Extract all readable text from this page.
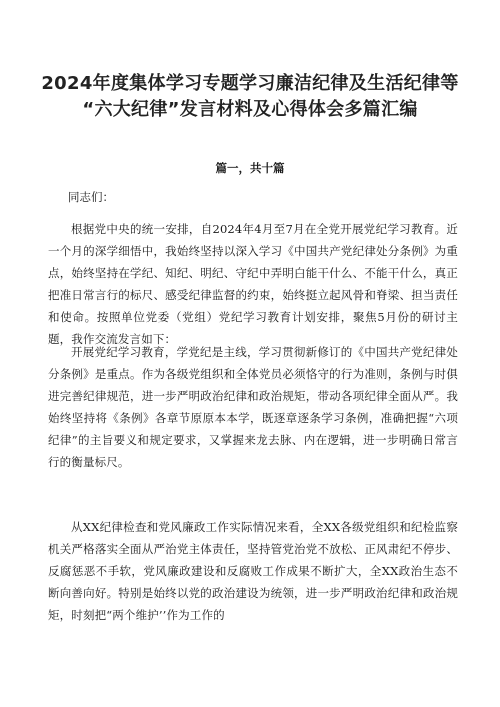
2024年度集体学习专题学习廉洁纪律及生活纪律等
“六大纪律”发言材料及心得体会多篇汇编

篇一，共十篇

同志们：

根据党中央的统一安排，自2024年4月至7月在全党开展党纪学习教育。近一个月的深学细悟中，我始终坚持以深入学习《中国共产党纪律处分条例》为重点，始终坚持在学纪、知纪、明纪、守纪中弄明白能干什么、不能干什么，真正把准日常言行的标尺、感受纪律监督的约束，始终挺立起风骨和脊梁、担当责任和使命。按照单位党委（党组）党纪学习教育计划安排，聚焦5月份的研讨主题，我作交流发言如下：

开展党纪学习教育，学党纪是主线，学习贯彻新修订的《中国共产党纪律处分条例》是重点。作为各级党组织和全体党员必须恪守的行为准则，条例与时俱进完善纪律规范，进一步严明政治纪律和政治规矩，带动各项纪律全面从严。我始终坚持将《条例》各章节原原本本学，既逐章逐条学习条例，准确把握“六项纪律”的主旨要义和规定要求，又掌握来龙去脉、内在逻辑，进一步明确日常言行的衡量标尺。

从XX纪律检查和党风廉政工作实际情况来看，全XX各级党组织和纪检监察机关严格落实全面从严治党主体责任，坚持管党治党不放松、正风肃纪不停步、反腐惩恶不手软，党风廉政建设和反腐败工作成果不断扩大，全XX政治生态不断向善向好。特别是始终以党的政治建设为统领，进一步严明政治纪律和政治规矩，时刻把“两个维护’’作为工作的
